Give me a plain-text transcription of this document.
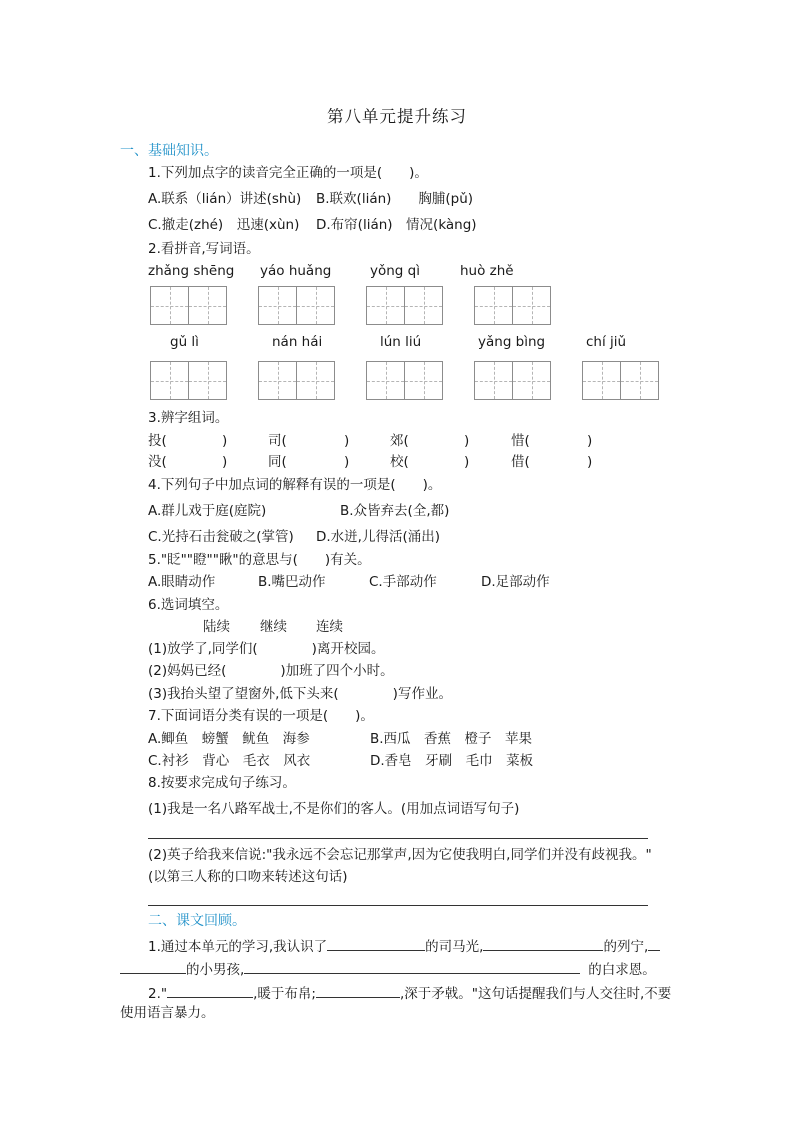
第八单元提升练习
一、基础知识。
1.下列加点字的读音完全正确的一项是(　　)。
A.联系（lián）讲述(shù) B.联欢(lián)　　胸脯(pǔ)
C.撤走(zhé)　迅速(xùn) D.布帘(lián)　情况(kàng)
2.看拼音,写词语。
zhǎng shēng yáo huǎng	yǒng qì	huò zhě
gǔ lì	nán hái	lún liú	yǎng bìng	chí jiǔ
3.辨字组词。
投(	)	司(	)	郊(	)	惜(	)
没(	)	同(	)	校(	)	借(	)
4.下列句子中加点词的解释有误的一项是(　　)。
A.群儿戏于庭(庭院)	B.众皆弃去(全,都)
C.光持石击瓮破之(掌管) D.水迸,儿得活(涌出)
5."眨""瞪""瞅"的意思与(　　)有关。
A.眼睛动作	B.嘴巴动作	C.手部动作	D.足部动作
6.选词填空。
陆续 继续 连续
(1)放学了,同学们(　　　　)离开校园。
(2)妈妈已经(　　　　)加班了四个小时。
(3)我抬头望了望窗外,低下头来(　　　　)写作业。
7.下面词语分类有误的一项是(　　)。
A.鲫鱼　螃蟹　鱿鱼　海参	B.西瓜　香蕉　橙子　苹果
C.衬衫　背心　毛衣　风衣	D.香皂　牙刷　毛巾　菜板
8.按要求完成句子练习。
(1)我是一名八路军战士,不是你们的客人。(用加点词语写句子)
(2)英子给我来信说:"我永远不会忘记那掌声,因为它使我明白,同学们并没有歧视我。"
(以第三人称的口吻来转述这句话)
二、课文回顾。
1.通过本单元的学习,我认识了	的司马光,	的列宁,
的小男孩,	的白求恩。
2."	,暖于布帛;	,深于矛戟。"这句话提醒我们与人交往时,不要
使用语言暴力。
